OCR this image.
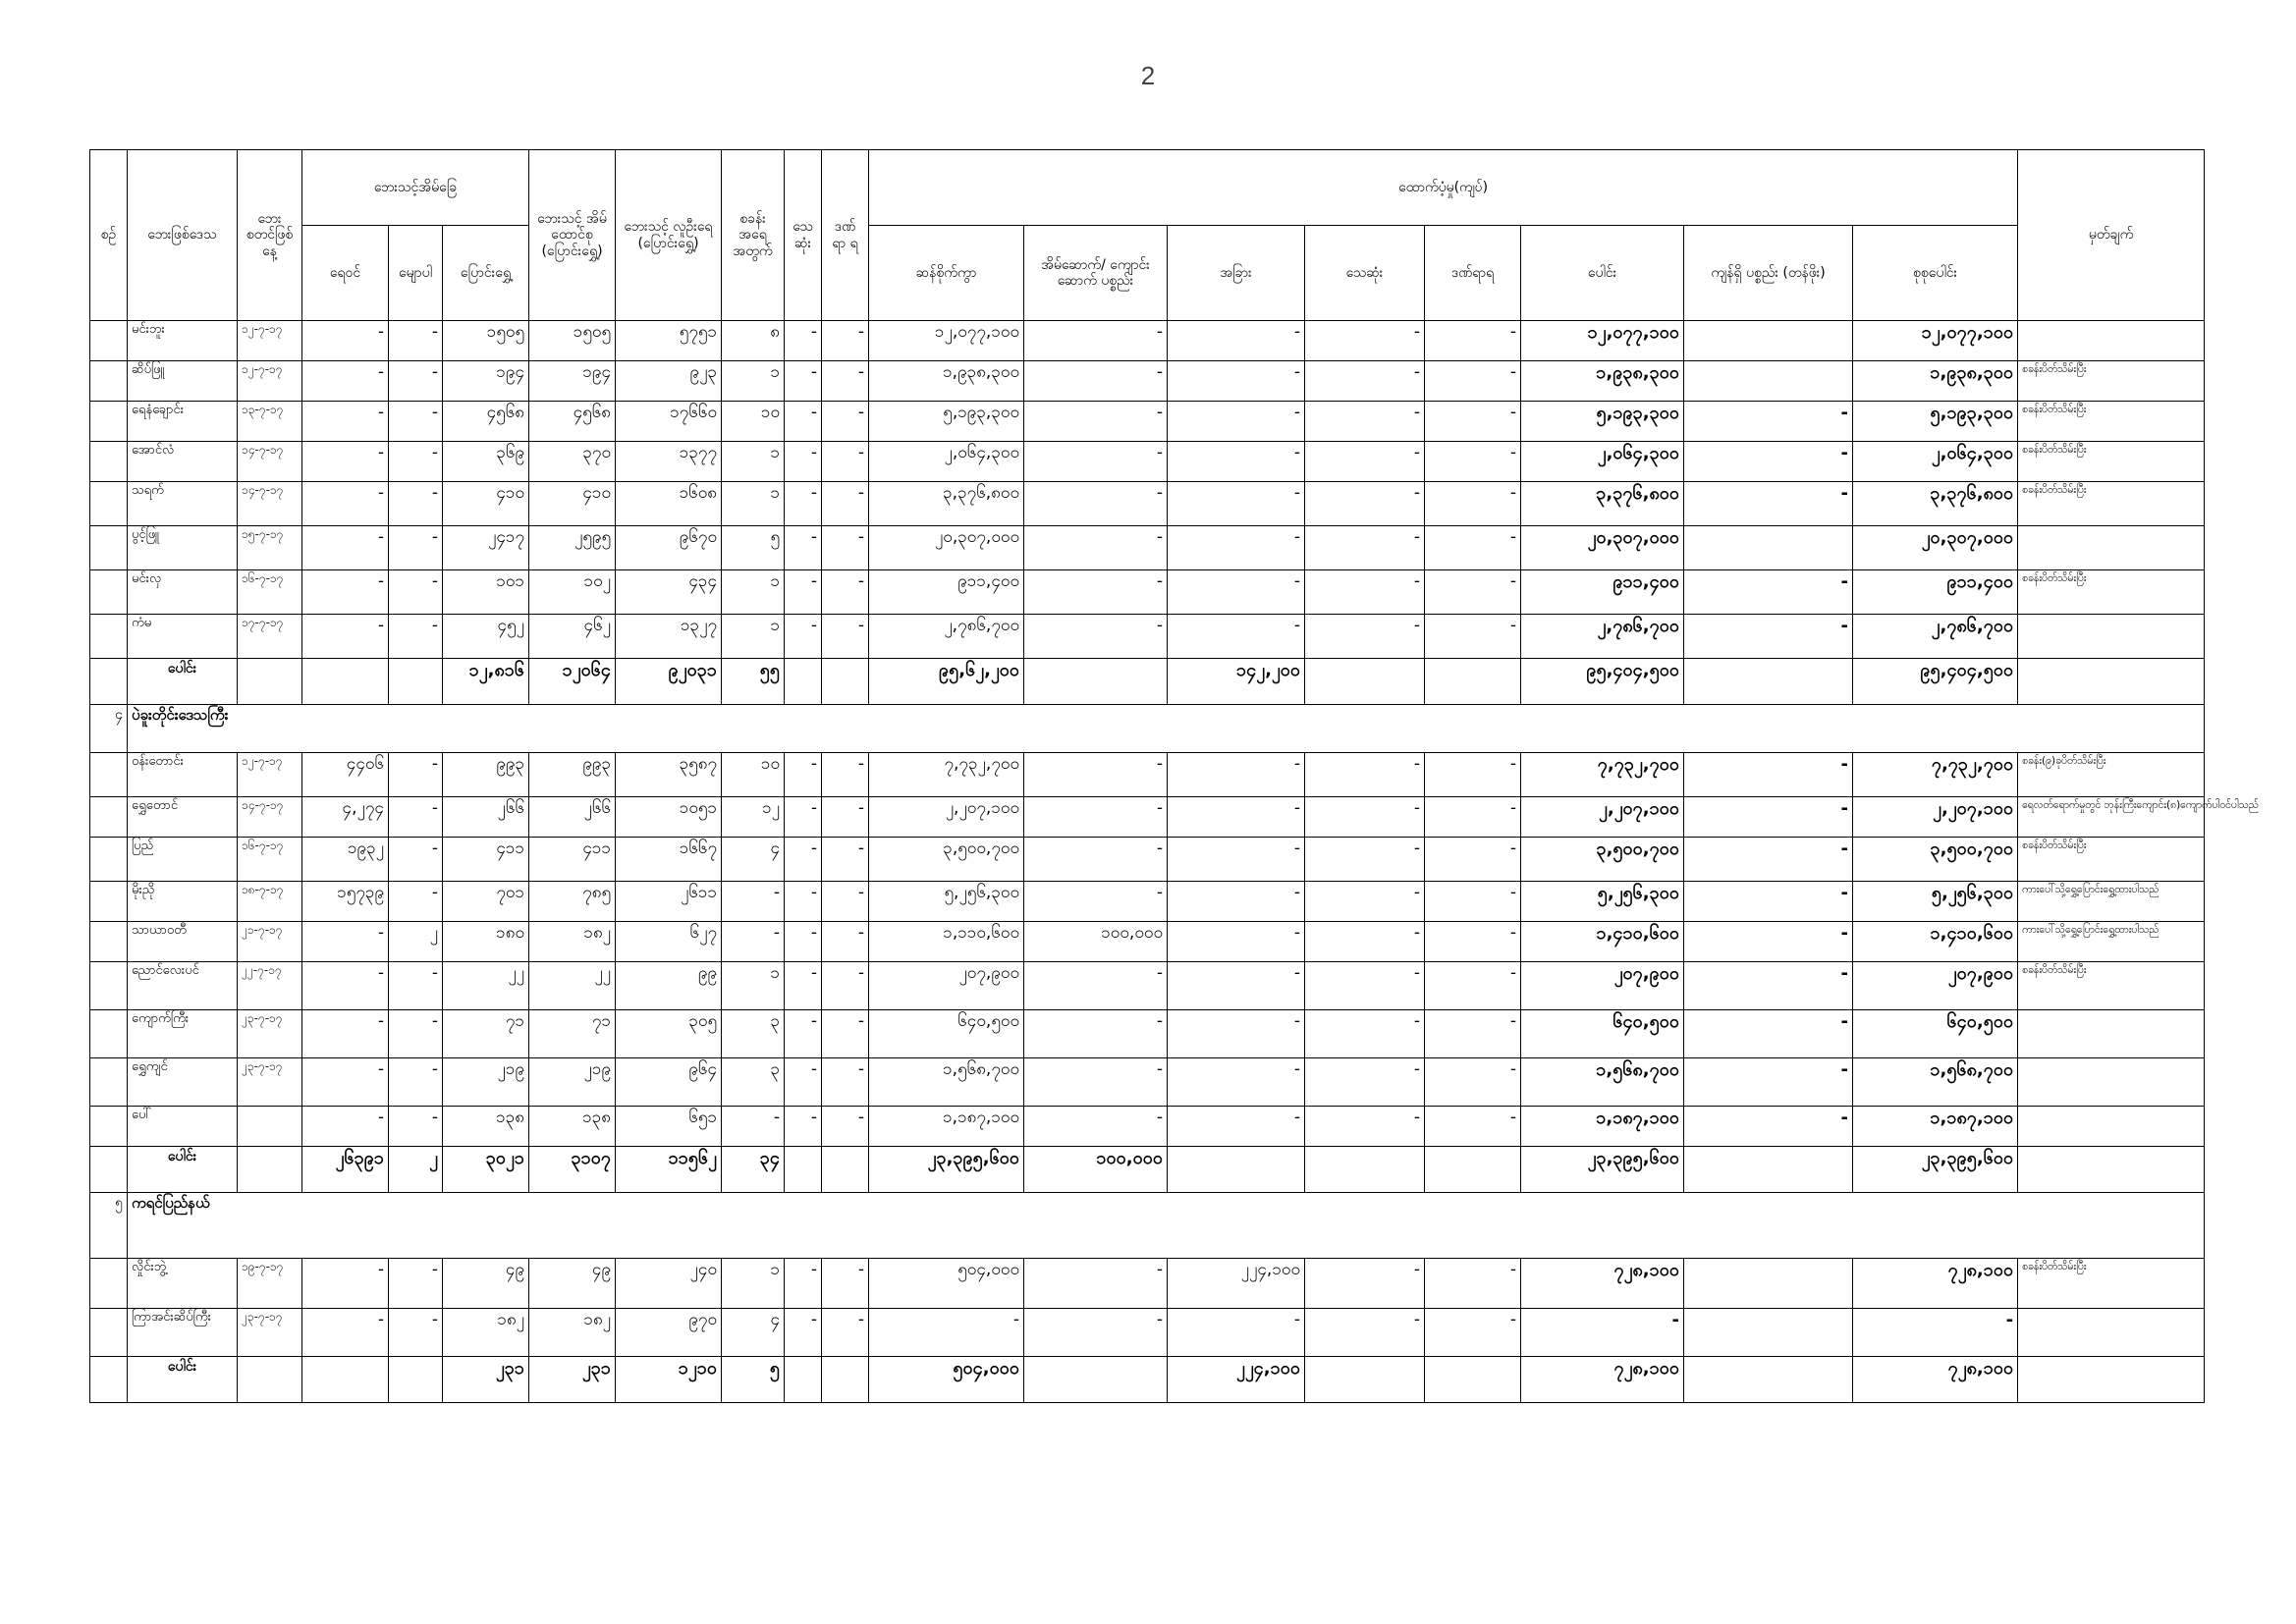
2
စဥ်	ဘေးဖြစ်ဒေသ	ဘေး စတင်ဖြစ်နေ့	ဘေးသင့်အိမ်ခြေ			ဘေးသင့် အိမ် ထောင်စု (ပြောင်းရွှေ့)	ဘေးသင့် လူဦးရေ (ပြောင်းရွှေ့)	စခန်း အရေ အတွက်	သေ ဆုံး	ဒဏ် ရာ ရ	ထောက်ပံ့မှု(ကျပ်)								မှတ်ချက်
			ရေဝင်	မျောပါ	ပြောင်းရွှေ့						ဆန်စိုက်ကွာ	အိမ်ဆောက်/ ကျောင်းဆောက် ပစ္စည်း	အခြား	သေဆုံး	ဒဏ်ရာရ	ပေါင်း	ကျန်ရှိ ပစ္စည်း (တန်ဖိုး)	စုစုပေါင်း	
	မင်းဘူး	၁၂-၇-၁၇	-	-	၁၅၀၅	၁၅၀၅	၅၇၅၁	၈	-	-	၁၂,၀၇၇,၁၀၀	-	-	-	-	၁၂,၀၇၇,၁၀၀		၁၂,၀၇၇,၁၀၀	
	ဆိပ်ဖြူ	၁၂-၇-၁၇	-	-	၁၉၄	၁၉၄	၉၂၃	၁	-	-	၁,၉၃၈,၃၀၀	-	-	-	-	၁,၉၃၈,၃၀၀		၁,၉၃၈,၃၀၀	စခန်းပိတ်သိမ်းပြီး
	ရေနံချောင်း	၁၃-၇-၁၇	-	-	၄၅၆၈	၄၅၆၈	၁၇၆၆၀	၁၀	-	-	၅,၁၉၃,၃၀၀	-	-	-	-	၅,၁၉၃,၃၀၀	-	၅,၁၉၃,၃၀၀	စခန်းပိတ်သိမ်းပြီး
	အောင်လံ	၁၄-၇-၁၇	-	-	၃၆၉	၃၇၀	၁၃၇၇	၁	-	-	၂,၀၆၄,၃၀၀	-	-	-	-	၂,၀၆၄,၃၀၀	-	၂,၀၆၄,၃၀၀	စခန်းပိတ်သိမ်းပြီး
	သရက်	၁၄-၇-၁၇	-	-	၄၁၀	၄၁၀	၁၆၀၈	၁	-	-	၃,၃၇၆,၈၀၀	-	-	-	-	၃,၃၇၆,၈၀၀	-	၃,၃၇၆,၈၀၀	စခန်းပိတ်သိမ်းပြီး
	ပွင့်ဖြူ	၁၅-၇-၁၇	-	-	၂၄၁၇	၂၅၉၅	၉၆၇၀	၅	-	-	၂၀,၃၀၇,၀၀၀	-	-	-	-	၂၀,၃၀၇,၀၀၀		၂၀,၃၀၇,၀၀၀	
	မင်းလှ	၁၆-၇-၁၇	-	-	၁၀၁	၁၀၂	၄၃၄	၁	-	-	၉၁၁,၄၀၀	-	-	-	-	၉၁၁,၄၀၀	-	၉၁၁,၄၀၀	စခန်းပိတ်သိမ်းပြီး
	ကံမ	၁၇-၇-၁၇	-	-	၄၅၂	၄၆၂	၁၃၂၇	၁	-	-	၂,၇၈၆,၇၀၀	-	-	-	-	၂,၇၈၆,၇၀၀	-	၂,၇၈၆,၇၀၀	
	ပေါင်း				၁၂,၈၁၆	၁၂၀၆၄	၉၂၀၃၁	၅၅			၉၅,၆၂,၂၀၀		၁၄၂,၂၀၀			၉၅,၄၀၄,၅၀၀		၉၅,၄၀၄,၅၀၀	
၄	ပဲခူးတိုင်းဒေသကြီး																		
	ဝန်းတောင်း	၁၂-၇-၁၇	၄၄၀၆	-	၉၉၃	၉၉၃	၃၅၈၇	၁၀	-	-	၇,၇၃၂,၇၀၀	-	-	-	-	၇,၇၃၂,၇၀၀	-	၇,၇၃၂,၇၀၀	စခန်း(၉)ခုပိတ်သိမ်းပြီး
	ရွှေတောင်	၁၄-၇-၁၇	၄,၂၇၄	-	၂၆၆	၂၆၆	၁၀၅၁	၁၂	-	-	၂,၂၀၇,၁၀၀	-	-	-	-	၂,၂၀၇,၁၀၀	-	၂,၂၀၇,၁၀၀	ရေလတ်ရောက်မှုတွင် ဘုန်းကြီးကျောင်း(၈)ကျောက်ပါဝင်ပါသည်
	ပြည်	၁၆-၇-၁၇	၁၉၃၂	-	၄၁၁	၄၁၁	၁၆၆၇	၄	-	-	၃,၅၀၀,၇၀၀	-	-	-	-	၃,၅၀၀,၇၀၀	-	၃,၅၀၀,၇၀၀	စခန်းပိတ်သိမ်းပြီး
	မိုးညို	၁၈-၇-၁၇	၁၅၇၃၉	-	၇၀၁	၇၈၅	၂၆၁၁	-	-	-	၅,၂၅၆,၃၀၀	-	-	-	-	၅,၂၅၆,၃၀၀	-	၅,၂၅၆,၃၀၀	ကားပေါ်သို့ရွှေ့ပြောင်းရွှေ့ထားပါသည်
	သာယာဝတီ	၂၁-၇-၁၇	-	၂	၁၈၀	၁၈၂	၆၂၇	-	-	-	၁,၁၁၀,၆၀၀	၁၀၀,၀၀၀	-	-	-	၁,၄၁၀,၆၀၀	-	၁,၄၁၀,၆၀၀	ကားပေါ်သို့ရွှေ့ပြောင်းရွှေ့ထားပါသည်
	ညောင်လေးပင်	၂၂-၇-၁၇	-	-	၂၂	၂၂	၉၉	၁	-	-	၂၀၇,၉၀၀	-	-	-	-	၂၀၇,၉၀၀	-	၂၀၇,၉၀၀	စခန်းပိတ်သိမ်းပြီး
	ကျောက်ကြီး	၂၃-၇-၁၇	-	-	၇၁	၇၁	၃၀၅	၃	-	-	၆၄၀,၅၀၀	-	-	-	-	၆၄၀,၅၀၀	-	၆၄၀,၅၀၀	
	ရွှေကျင်	၂၃-၇-၁၇	-	-	၂၁၉	၂၁၉	၉၆၄	၃	-	-	၁,၅၆၈,၇၀၀	-	-	-	-	၁,၅၆၈,၇၀၀	-	၁,၅၆၈,၇၀၀	
	ပေါ်		-	-	၁၃၈	၁၃၈	၆၅၁	-	-	-	၁,၁၈၇,၁၀၀	-	-	-	-	၁,၁၈၇,၁၀၀	-	၁,၁၈၇,၁၀၀	
	ပေါင်း		၂၆၃၉၁	၂	၃၀၂၁	၃၁၀၇	၁၁၅၆၂	၃၄			၂၃,၃၉၅,၆၀၀	၁၀၀,၀၀၀				၂၃,၃၉၅,၆၀၀		၂၃,၃၉၅,၆၀၀	
၅	ကရင်ပြည်နယ်																		
	လှိုင်းဘွဲ့	၁၉-၇-၁၇	-	-	၄၉	၄၉	၂၄၀	၁	-	-	၅၀၄,၀၀၀	-	၂၂၄,၁၀၀	-	-	၇၂၈,၁၀၀		၇၂၈,၁၀၀	စခန်းပိတ်သိမ်းပြီး
	ကြာအင်းဆိပ်ကြီး	၂၃-၇-၁၇	-	-	၁၈၂	၁၈၂	၉၇၀	၄	-	-	-	-	-	-	-	-		-	
	ပေါင်း				၂၃၁	၂၃၁	၁၂၁၀	၅			၅၀၄,၀၀၀		၂၂၄,၁၀၀			၇၂၈,၁၀၀		၇၂၈,၁၀၀	
